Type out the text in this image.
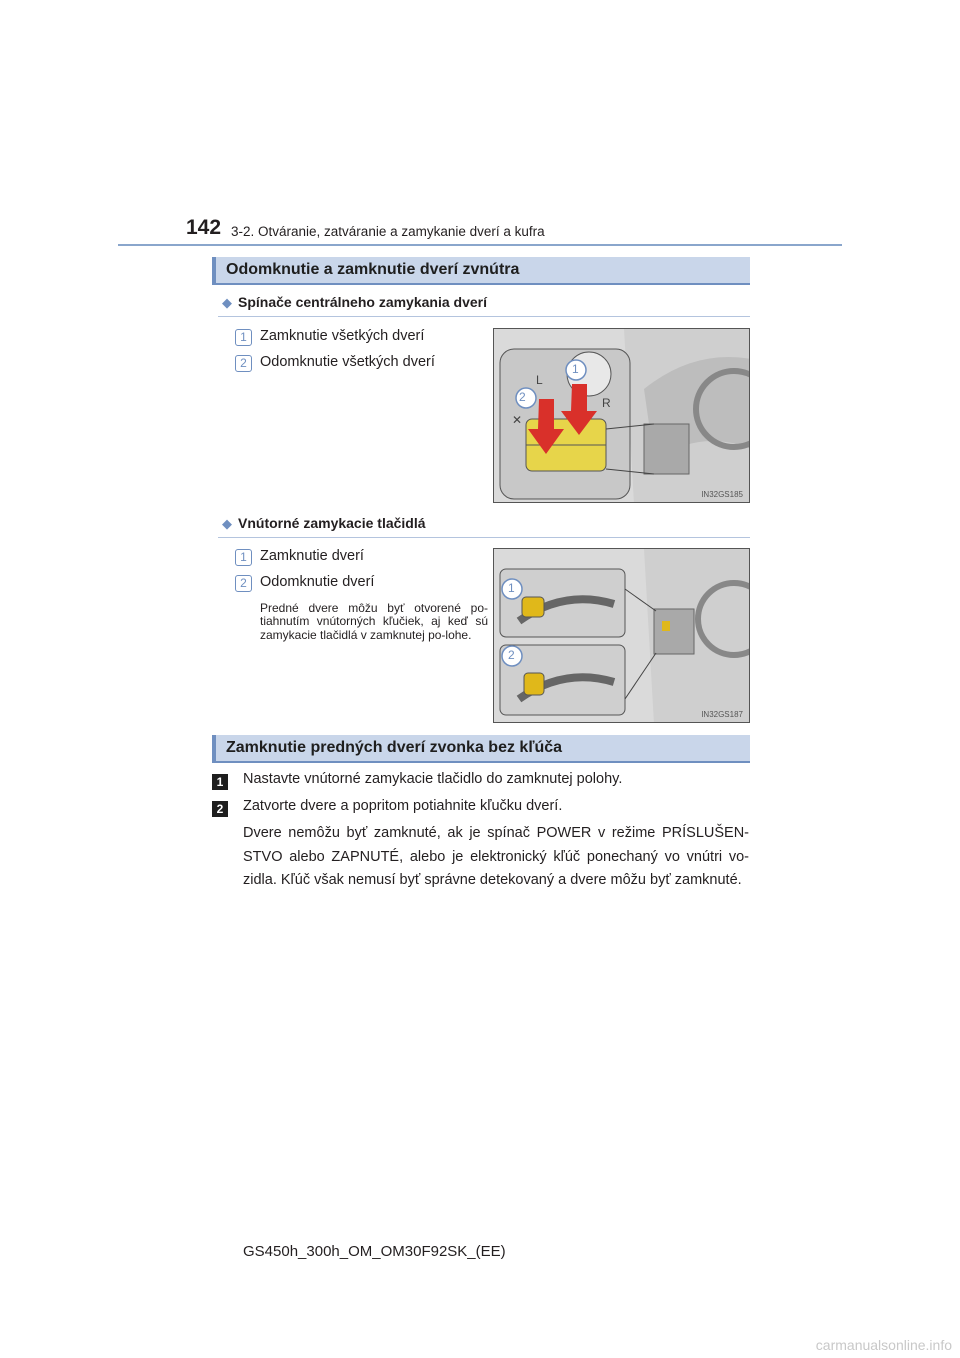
142 3-2. Otváranie, zatváranie a zamykanie dverí a kufra
Odomknutie a zamknutie dverí zvnútra
◆ Spínače centrálneho zamykania dverí
1 Zamknutie všetkých dverí
2 Odomknutie všetkých dverí
L
R
✕
2
1
IN32GS185
◆ Vnútorné zamykacie tlačidlá
1 Zamknutie dverí
2 Odomknutie dverí
Predné dvere môžu byť otvorené po-tiahnutím vnútorných kľučiek, aj keď sú zamykacie tlačidlá v zamknutej po-lohe.
1
2
IN32GS187
Zamknutie predných dverí zvonka bez kľúča
1	Nastavte vnútorné zamykacie tlačidlo do zamknutej polohy.
2	Zatvorte dvere a popritom potiahnite kľučku dverí.
Dvere nemôžu byť zamknuté, ak je spínač POWER v režime PRÍSLUŠEN-STVO alebo ZAPNUTÉ, alebo je elektronický kľúč ponechaný vo vnútri vo-zidla. Kľúč však nemusí byť správne detekovaný a dvere môžu byť zamknuté.
GS450h_300h_OM_OM30F92SK_(EE)
carmanualsonline.info
